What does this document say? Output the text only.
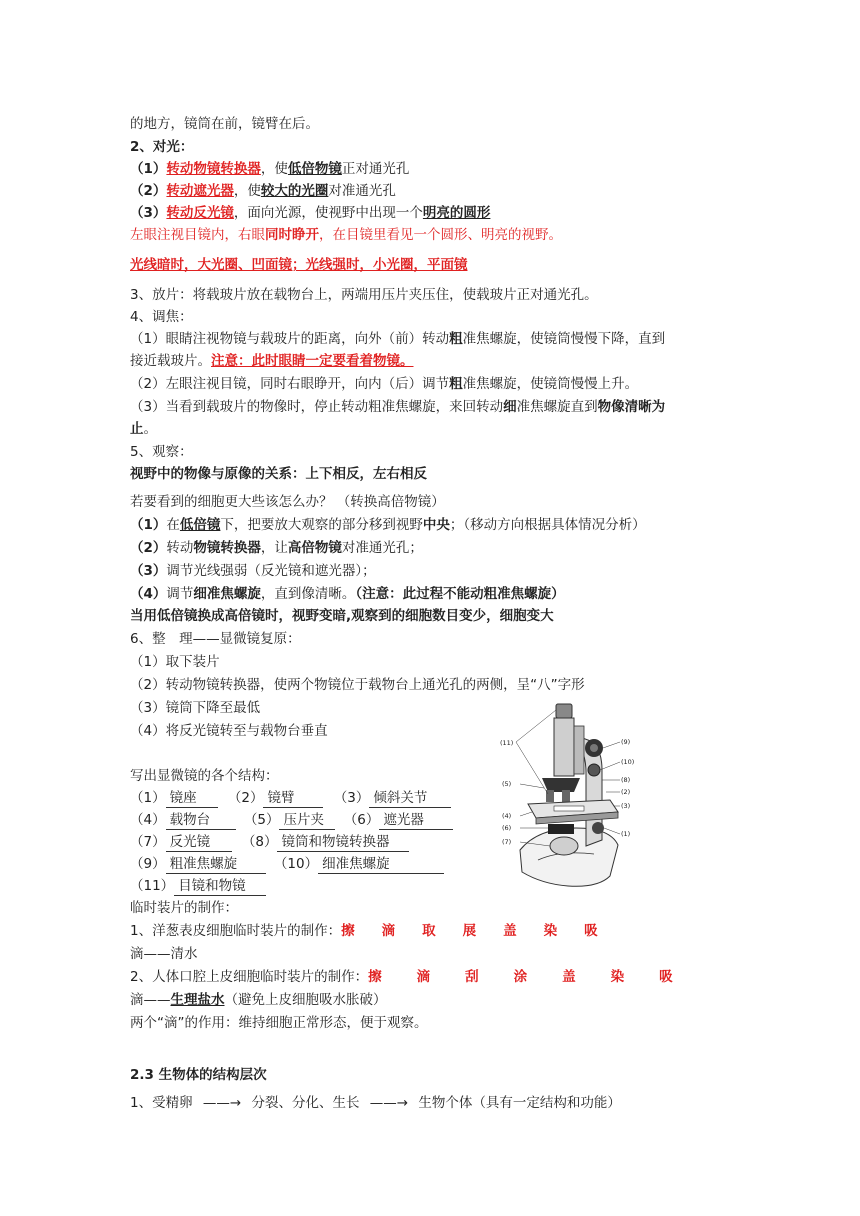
的地方，镜筒在前，镜臂在后。
2、对光：
（1）转动物镜转换器，使低倍物镜正对通光孔
（2）转动遮光器，使较大的光圈对准通光孔
（3）转动反光镜，面向光源，使视野中出现一个明亮的圆形
左眼注视目镜内，右眼同时睁开，在目镜里看见一个圆形、明亮的视野。
光线暗时，大光圈、凹面镜；光线强时，小光圈，平面镜
3、放片：将载玻片放在载物台上，两端用压片夹压住，使载玻片正对通光孔。
4、调焦：
（1）眼睛注视物镜与载玻片的距离，向外（前）转动粗准焦螺旋，使镜筒慢慢下降，直到
接近载玻片。注意：此时眼睛一定要看着物镜。
（2）左眼注视目镜，同时右眼睁开，向内（后）调节粗准焦螺旋，使镜筒慢慢上升。
（3）当看到载玻片的物像时，停止转动粗准焦螺旋，来回转动细准焦螺旋直到物像清晰为
止。
5、观察：
视野中的物像与原像的关系：上下相反，左右相反
若要看到的细胞更大些该怎么办？ （转换高倍物镜）
（1）在低倍镜下，把要放大观察的部分移到视野中央；（移动方向根据具体情况分析）
（2）转动物镜转换器，让高倍物镜对准通光孔；
（3）调节光线强弱（反光镜和遮光器）；
（4）调节细准焦螺旋，直到像清晰。（注意：此过程不能动粗准焦螺旋）
当用低倍镜换成高倍镜时，视野变暗,观察到的细胞数目变少，细胞变大
6、整　理——显微镜复原：
（1）取下装片
（2）转动物镜转换器，使两个物镜位于载物台上通光孔的两侧，呈“八”字形
（3）镜筒下降至最低
（4）将反光镜转至与载物台垂直
写出显微镜的各个结构：
（1） 镜座 （2） 镜臂	（3） 倾斜关节
（4） 载物台	（5） 压片夹 （6） 遮光器
（7） 反光镜 （8） 镜筒和物镜转换器
（9） 粗准焦螺旋	（10） 细准焦螺旋
（11） 目镜和物镜
(11)	(9)
(10)
(8)
(2)
(3)
(5)
(4)
(6)
(7)
(1)
临时装片的制作：
1、洋葱表皮细胞临时装片的制作：擦 滴 取 展 盖 染 吸
滴——清水
2、人体口腔上皮细胞临时装片的制作：擦	滴	刮	涂	盖	染	吸
滴——生理盐水（避免上皮细胞吸水胀破）
两个“滴”的作用：维持细胞正常形态，便于观察。
2.3 生物体的结构层次
1、受精卵 ——→ 分裂、分化、生长 ——→ 生物个体（具有一定结构和功能）
